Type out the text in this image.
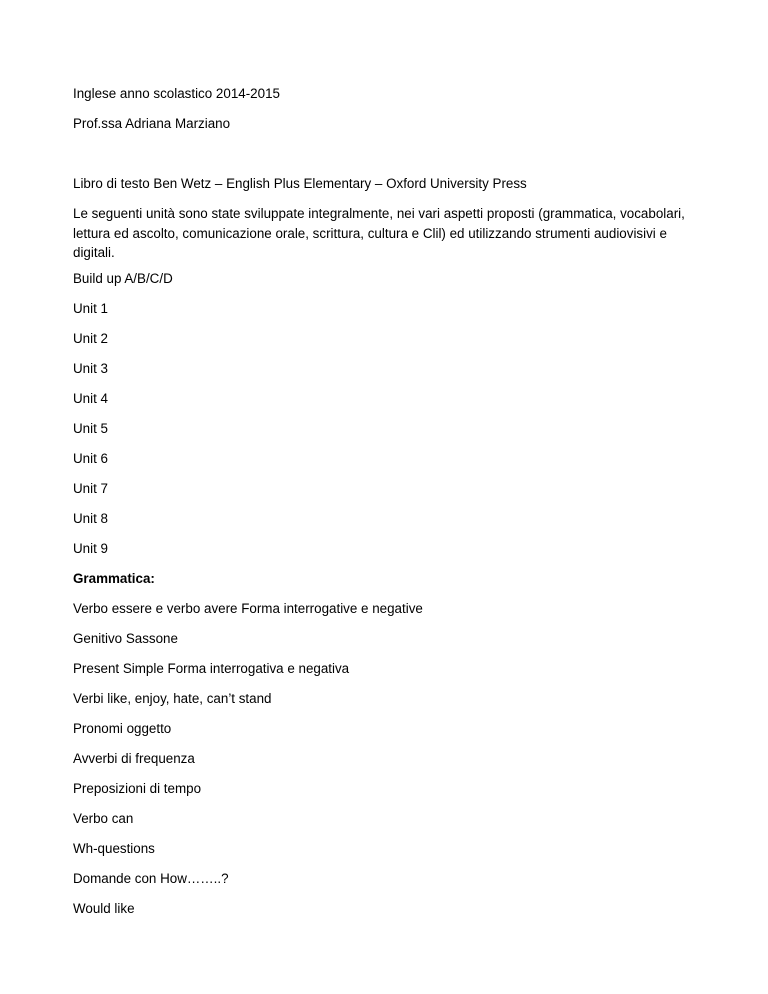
Inglese anno scolastico 2014-2015
Prof.ssa Adriana Marziano
Libro di testo Ben Wetz – English Plus Elementary – Oxford University Press
Le seguenti unità sono state sviluppate integralmente, nei vari aspetti proposti (grammatica, vocabolari, lettura ed ascolto, comunicazione orale, scrittura, cultura e Clil) ed utilizzando strumenti audiovisivi e digitali.
Build up A/B/C/D
Unit 1
Unit 2
Unit 3
Unit 4
Unit 5
Unit 6
Unit 7
Unit 8
Unit 9
Grammatica:
Verbo essere e verbo avere Forma interrogative e negative
Genitivo Sassone
Present Simple Forma interrogativa e negativa
Verbi like, enjoy, hate, can’t stand
Pronomi oggetto
Avverbi di frequenza
Preposizioni di tempo
Verbo can
Wh-questions
Domande con How……..?
Would like
